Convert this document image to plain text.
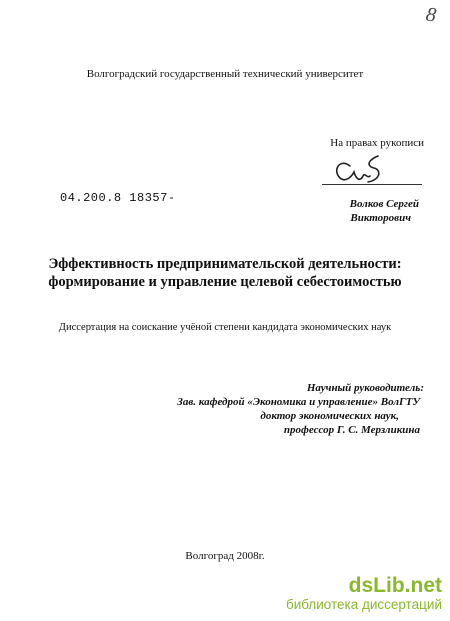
8
Волгоградский государственный технический университет
На правах рукописи
04.200.8 18357-	Волков Сергей

Викторович
Эффективность предпринимательской деятельности:
формирование и управление целевой себестоимостью
Диссертация на соискание учёной степени кандидата экономических наук
Научный руководитель:
Зав. кафедрой «Экономика и управление» ВолГТУ
доктор экономических наук,
профессор Г. С. Мерзликина
Волгоград 2008г.
dsLib.net
библиотека диссертаций
